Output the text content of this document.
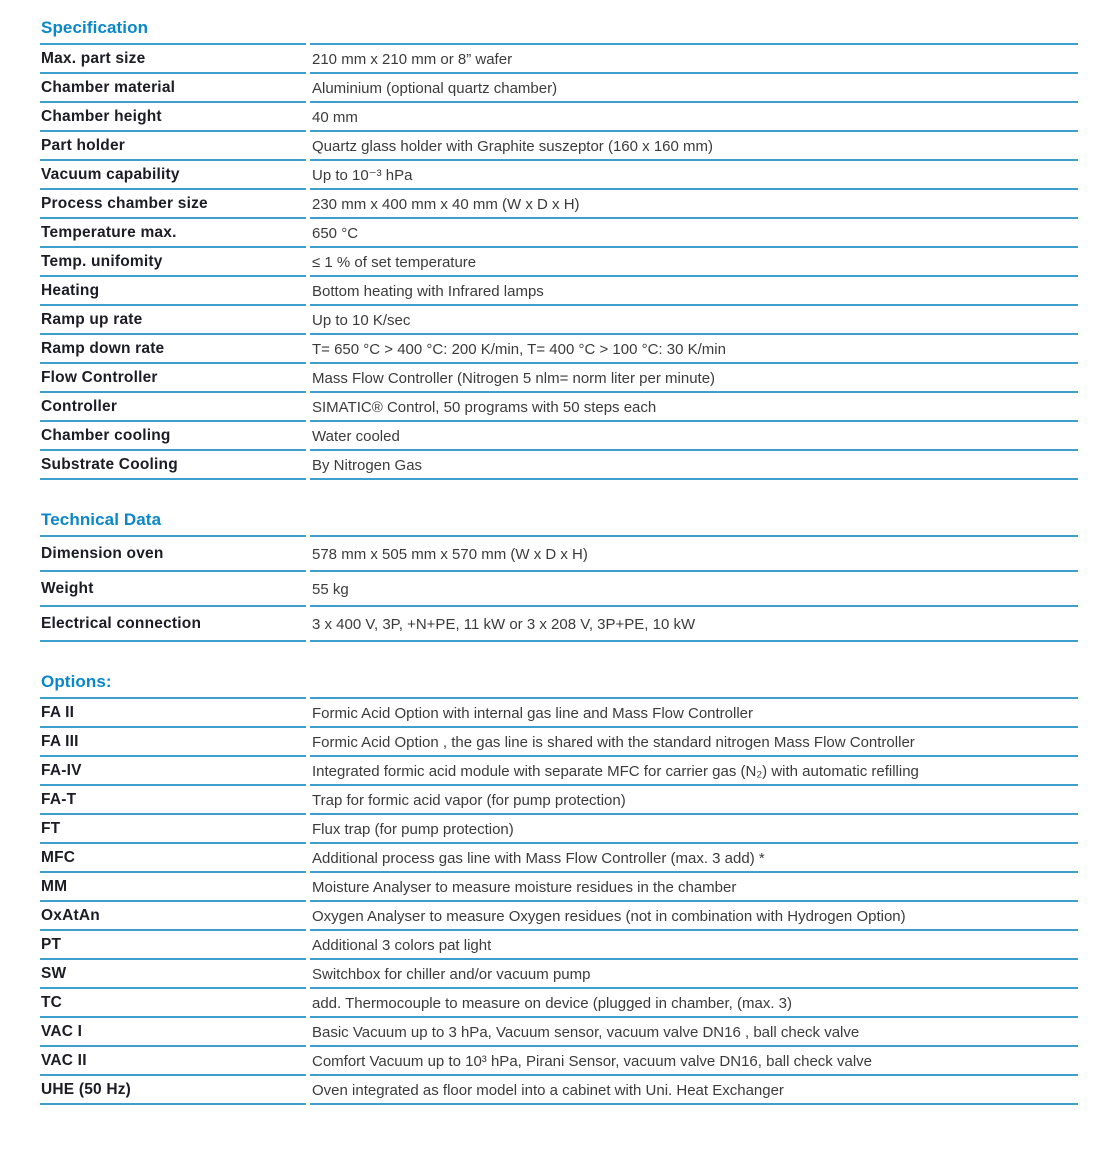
Specification
Max. part size	210 mm x 210 mm or 8” wafer
Chamber material	Aluminium (optional quartz chamber)
Chamber height	40 mm
Part holder	Quartz glass holder with Graphite suszeptor (160 x 160 mm)
Vacuum capability	Up to 10⁻³ hPa
Process chamber size	230 mm x 400 mm x 40 mm (W x D x H)
Temperature max.	650 °C
Temp. unifomity	≤ 1 % of set temperature
Heating	Bottom heating with Infrared lamps
Ramp up rate	Up to 10 K/sec
Ramp down rate	T= 650 °C > 400 °C: 200 K/min, T= 400 °C > 100 °C: 30 K/min
Flow Controller	Mass Flow Controller (Nitrogen 5 nlm= norm liter per minute)
Controller	SIMATIC® Control, 50 programs with 50 steps each
Chamber cooling	Water cooled
Substrate Cooling	By Nitrogen Gas
Technical Data
Dimension oven	578 mm x 505 mm x 570 mm (W x D x H)
Weight	55 kg
Electrical connection	3 x 400 V, 3P, +N+PE, 11 kW or 3 x 208 V, 3P+PE, 10 kW
Options:
FA II	Formic Acid Option with internal gas line and Mass Flow Controller
FA III	Formic Acid Option , the gas line is shared with the standard nitrogen Mass Flow Controller
FA-IV	Integrated formic acid module with separate MFC for carrier gas (N₂) with automatic refilling
FA-T	Trap for formic acid vapor (for pump protection)
FT	Flux trap (for pump protection)
MFC	Additional process gas line with Mass Flow Controller (max. 3 add) *
MM	Moisture Analyser to measure moisture residues in the chamber
OxAtAn	Oxygen Analyser to measure Oxygen residues (not in combination with Hydrogen Option)
PT	Additional 3 colors pat light
SW	Switchbox for chiller and/or vacuum pump
TC	add. Thermocouple to measure on device (plugged in chamber, (max. 3)
VAC I	Basic Vacuum up to 3 hPa, Vacuum sensor, vacuum valve DN16 , ball check valve
VAC II	Comfort Vacuum up to 10³ hPa, Pirani Sensor, vacuum valve DN16, ball check valve
UHE (50 Hz)	Oven integrated as floor model into a cabinet with Uni. Heat Exchanger
